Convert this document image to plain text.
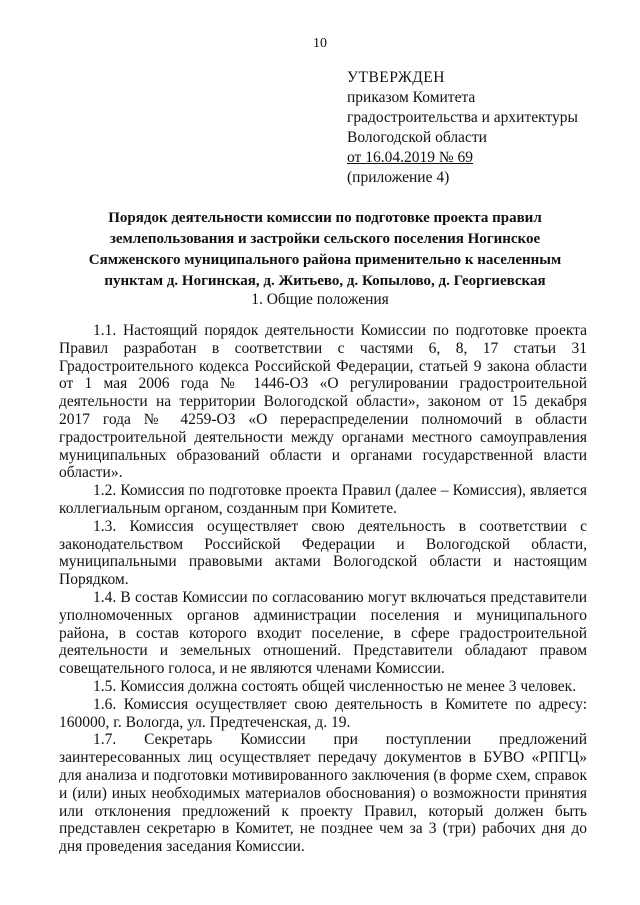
10
УТВЕРЖДЕН
приказом Комитета
градостроительства и архитектуры
Вологодской области
от 16.04.2019 № 69
(приложение 4)
Порядок деятельности комиссии по подготовке проекта правил землепользования и застройки сельского поселения Ногинское Сямженского муниципального района применительно к населенным пунктам д. Ногинская, д. Житьево, д. Копылово, д. Георгиевская
1. Общие положения

1.1. Настоящий порядок деятельности Комиссии по подготовке проекта Правил разработан в соответствии с частями 6, 8, 17 статьи 31 Градостроительного кодекса Российской Федерации, статьей 9 закона области от 1 мая 2006 года № 1446-ОЗ «О регулировании градостроительной деятельности на территории Вологодской области», законом от 15 декабря 2017 года № 4259-ОЗ «О перераспределении полномочий в области градостроительной деятельности между органами местного самоуправления муниципальных образований области и органами государственной власти области».

1.2. Комиссия по подготовке проекта Правил (далее – Комиссия), является коллегиальным органом, созданным при Комитете.

1.3. Комиссия осуществляет свою деятельность в соответствии с законодательством Российской Федерации и Вологодской области, муниципальными правовыми актами Вологодской области и настоящим Порядком.

1.4. В состав Комиссии по согласованию могут включаться представители уполномоченных органов администрации поселения и муниципального района, в состав которого входит поселение, в сфере градостроительной деятельности и земельных отношений. Представители обладают правом совещательного голоса, и не являются членами Комиссии.

1.5. Комиссия должна состоять общей численностью не менее 3 человек.

1.6. Комиссия осуществляет свою деятельность в Комитете по адресу: 160000, г. Вологда, ул. Предтеченская, д. 19.

1.7. Секретарь Комиссии при поступлении предложений заинтересованных лиц осуществляет передачу документов в БУВО «РПГЦ» для анализа и подготовки мотивированного заключения (в форме схем, справок и (или) иных необходимых материалов обоснования) о возможности принятия или отклонения предложений к проекту Правил, который должен быть представлен секретарю в Комитет, не позднее чем за 3 (три) рабочих дня до дня проведения заседания Комиссии.
